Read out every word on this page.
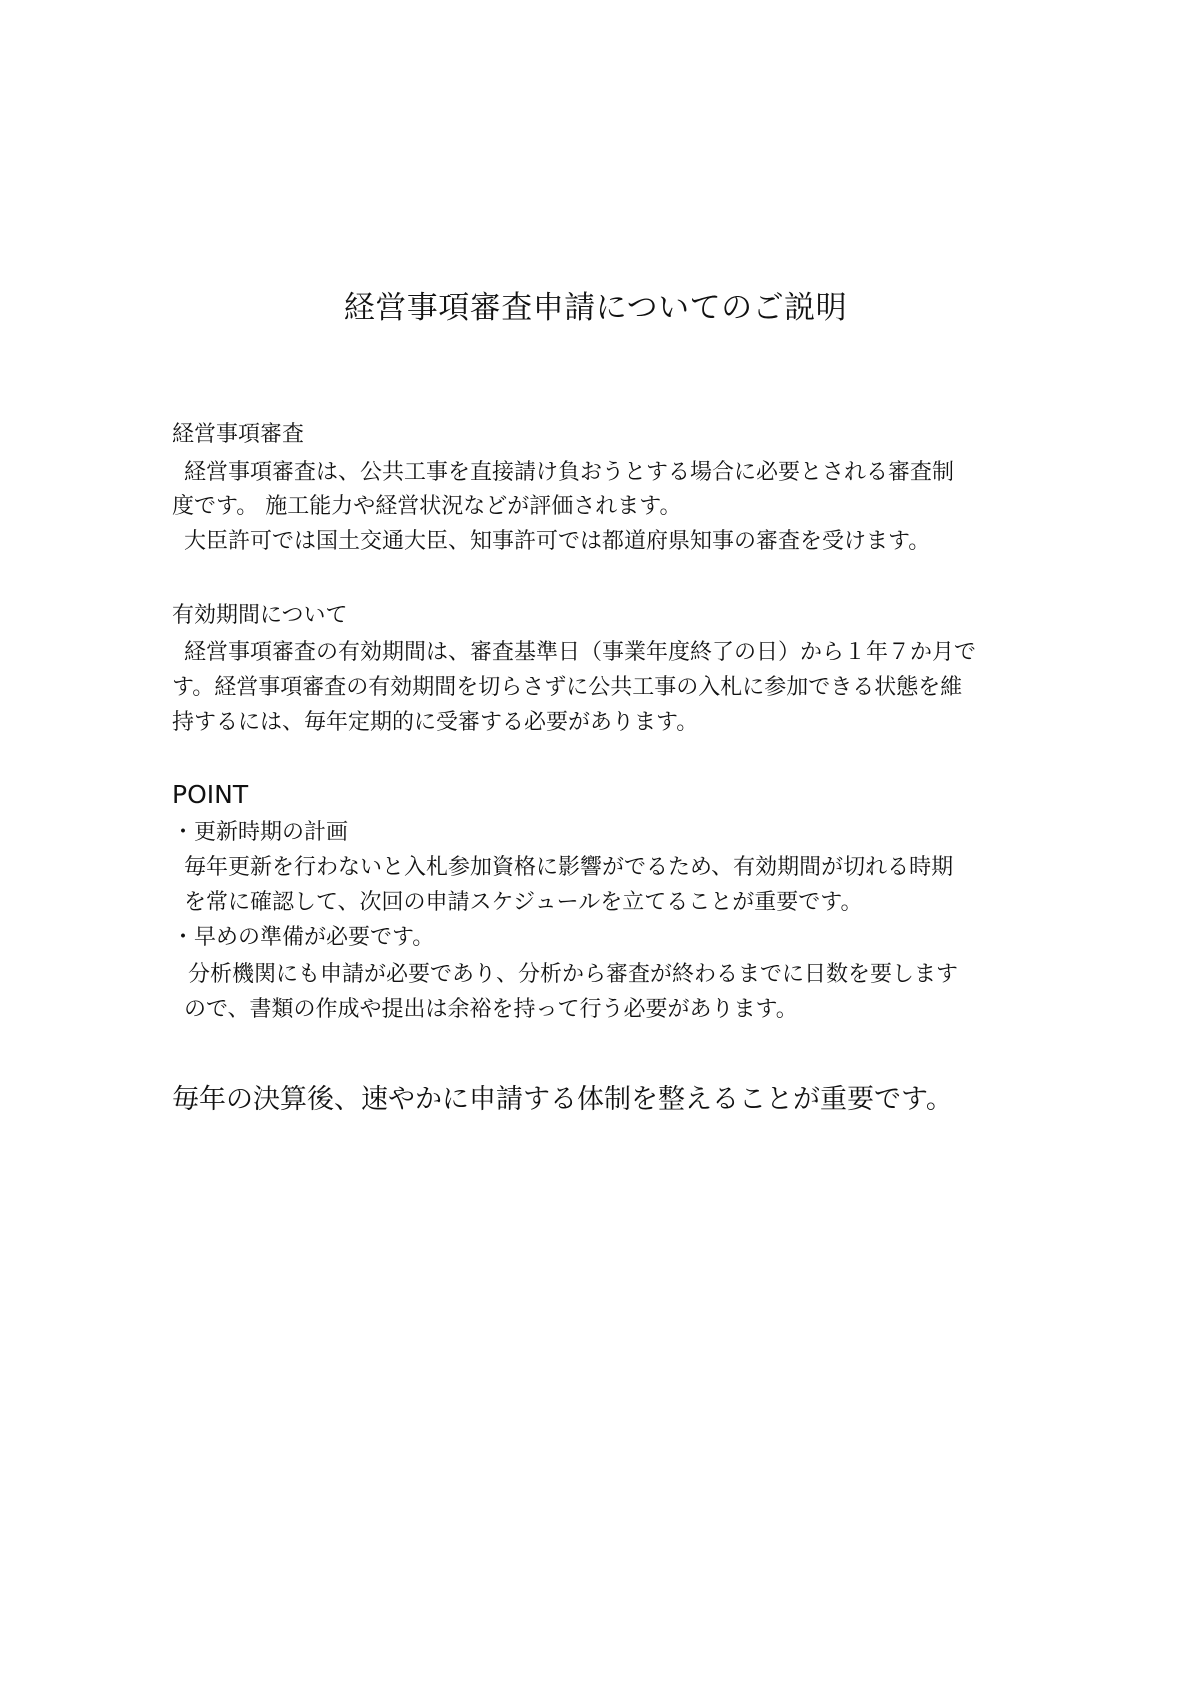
経営事項審査申請についてのご説明
経営事項審査
経営事項審査は、公共工事を直接請け負おうとする場合に必要とされる審査制
度です。 施工能力や経営状況などが評価されます。
大臣許可では国土交通大臣、知事許可では都道府県知事の審査を受けます。
有効期間について
経営事項審査の有効期間は、審査基準日（事業年度終了の日）から１年７か月で
す。経営事項審査の有効期間を切らさずに公共工事の入札に参加できる状態を維
持するには、毎年定期的に受審する必要があります。
POINT
・更新時期の計画
毎年更新を行わないと入札参加資格に影響がでるため、有効期間が切れる時期
を常に確認して、次回の申請スケジュールを立てることが重要です。
・早めの準備が必要です。
分析機関にも申請が必要であり、分析から審査が終わるまでに日数を要します
ので、書類の作成や提出は余裕を持って行う必要があります。
毎年の決算後、速やかに申請する体制を整えることが重要です。
